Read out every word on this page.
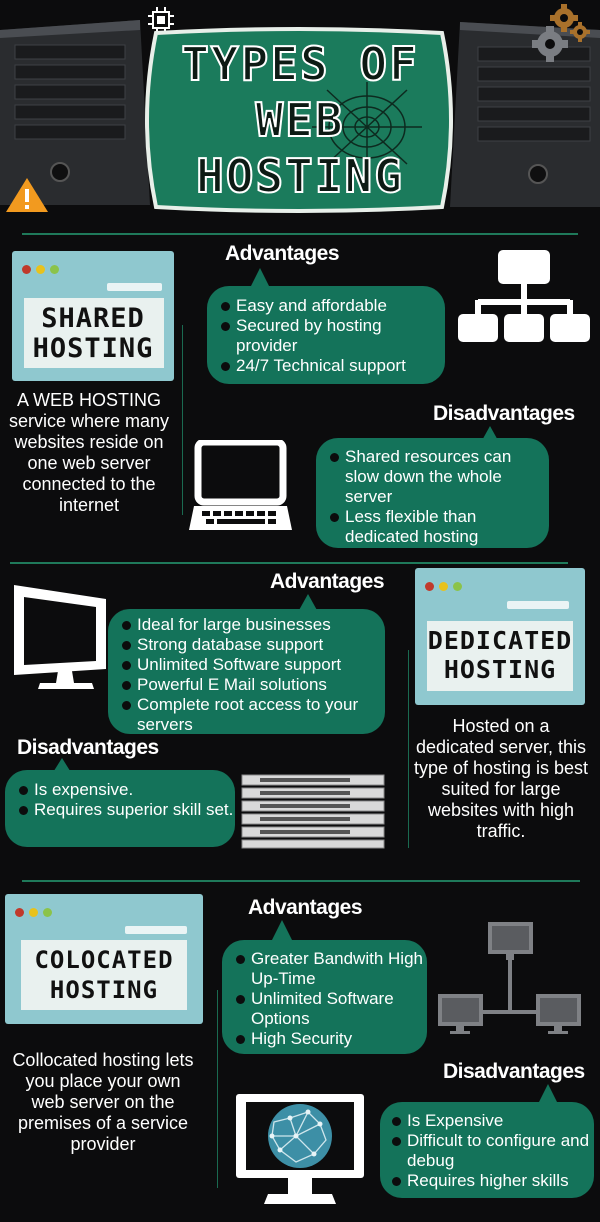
TYPES OF
WEB
HOSTING
SHARED
HOSTING
A WEB HOSTING service where many websites reside on one web server connected to the internet
Advantages
Easy and affordable
Secured by hosting provider
24/7 Technical support
Disadvantages
Shared resources can slow down the whole server
Less flexible than dedicated hosting
Advantages
Ideal for large businesses
Strong database support
Unlimited Software support
Powerful E Mail solutions
Complete root access to your servers
DEDICATED
HOSTING
Hosted on a dedicated server, this type of hosting is best suited for large websites with high traffic.
Disadvantages
Is expensive.
Requires superior skill set.
COLOCATED
HOSTING
Collocated hosting lets you place your own web server on the premises of a service provider
Advantages
Greater Bandwith High Up-Time
Unlimited Software Options
High Security
Disadvantages
Is Expensive
Difficult to configure and debug
Requires higher skills
